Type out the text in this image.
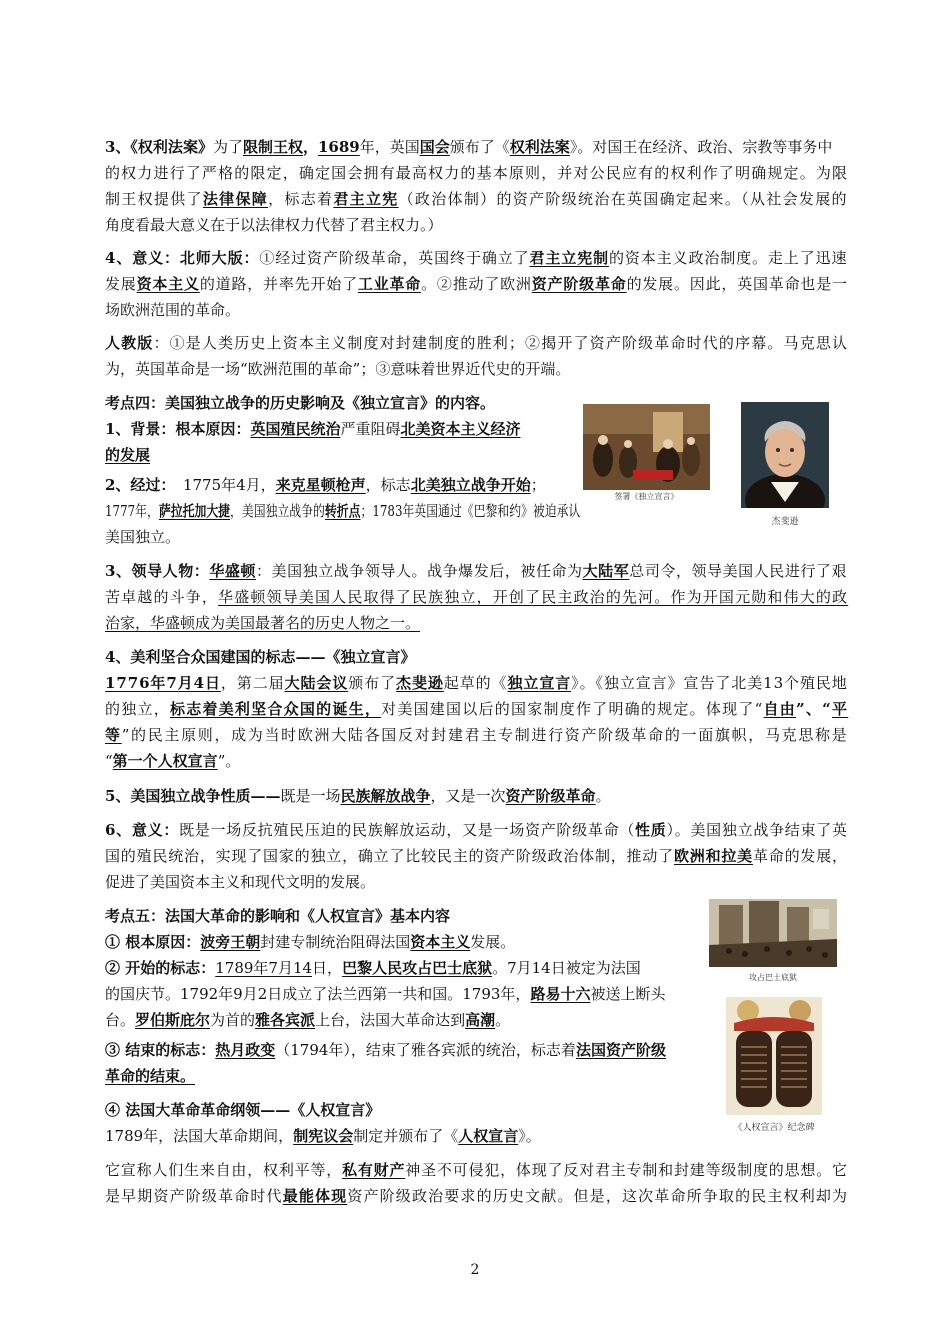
3、《权利法案》为了限制王权，1689年，英国国会颁布了《权利法案》。对国王在经济、政治、宗教等事务中
的权力进行了严格的限定，确定国会拥有最高权力的基本原则，并对公民应有的权利作了明确规定。为限
制王权提供了法律保障，标志着君主立宪（政治体制）的资产阶级统治在英国确定起来。（从社会发展的
角度看最大意义在于以法律权力代替了君主权力。）
4、意义：北师大版：①经过资产阶级革命，英国终于确立了君主立宪制的资本主义政治制度。走上了迅速
发展资本主义的道路，并率先开始了工业革命。②推动了欧洲资产阶级革命的发展。因此，英国革命也是一
场欧洲范围的革命。
人教版：①是人类历史上资本主义制度对封建制度的胜利；②揭开了资产阶级革命时代的序幕。马克思认
为，英国革命是一场“欧洲范围的革命”；③意味着世界近代史的开端。
考点四：美国独立战争的历史影响及《独立宣言》的内容。
1、背景：根本原因：英国殖民统治严重阻碍北美资本主义经济
的发展
2、经过：　1775年4月，来克星顿枪声，标志北美独立战争开始；
1777年，萨拉托加大捷，美国独立战争的转折点；1783年英国通过《巴黎和约》被迫承认
美国独立。
3、领导人物：华盛顿：美国独立战争领导人。战争爆发后，被任命为大陆军总司令，领导美国人民进行了艰
苦卓越的斗争，华盛顿领导美国人民取得了民族独立，开创了民主政治的先河。作为开国元勋和伟大的政
治家，华盛顿成为美国最著名的历史人物之一。
4、美利坚合众国建国的标志——《独立宣言》
1776年7月4日，第二届大陆会议颁布了杰斐逊起草的《独立宣言》。《独立宣言》宣告了北美13个殖民地
的独立，标志着美利坚合众国的诞生，对美国建国以后的国家制度作了明确的规定。体现了“自由”、“平
等”的民主原则，成为当时欧洲大陆各国反对封建君主专制进行资产阶级革命的一面旗帜，马克思称是
“第一个人权宣言”。
5、美国独立战争性质——既是一场民族解放战争，又是一次资产阶级革命。
6、意义：既是一场反抗殖民压迫的民族解放运动，又是一场资产阶级革命（性质）。美国独立战争结束了英
国的殖民统治，实现了国家的独立，确立了比较民主的资产阶级政治体制，推动了欧洲和拉美革命的发展，
促进了美国资本主义和现代文明的发展。
考点五：法国大革命的影响和《人权宣言》基本内容
① 根本原因：波旁王朝封建专制统治阻碍法国资本主义发展。
② 开始的标志：1789年7月14日，巴黎人民攻占巴士底狱。7月14日被定为法国
的国庆节。1792年9月2日成立了法兰西第一共和国。1793年，路易十六被送上断头
台。罗伯斯庇尔为首的雅各宾派上台，法国大革命达到高潮。
③ 结束的标志：热月政变（1794年），结束了雅各宾派的统治，标志着法国资产阶级
革命的结束。
④ 法国大革命革命纲领——《人权宣言》
1789年，法国大革命期间，制宪议会制定并颁布了《人权宣言》。
它宣称人们生来自由，权利平等，私有财产神圣不可侵犯，体现了反对君主专制和封建等级制度的思想。它
是早期资产阶级革命时代最能体现资产阶级政治要求的历史文献。但是，这次革命所争取的民主权利却为
签署《独立宣言》
杰斐逊
攻占巴士底狱
《人权宣言》纪念碑
2
